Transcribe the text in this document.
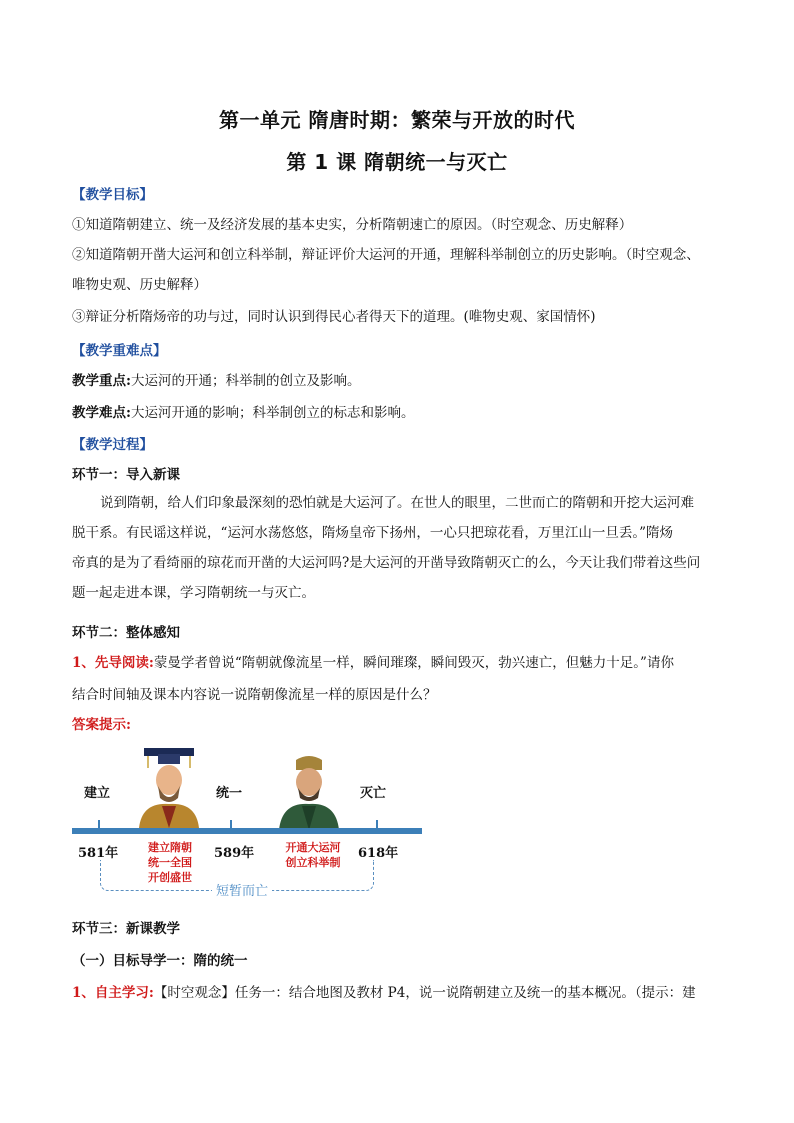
第一单元 隋唐时期：繁荣与开放的时代
第 1 课 隋朝统一与灭亡
【教学目标】
①知道隋朝建立、统一及经济发展的基本史实，分析隋朝速亡的原因。（时空观念、历史解释）
②知道隋朝开凿大运河和创立科举制，辩证评价大运河的开通，理解科举制创立的历史影响。（时空观念、
唯物史观、历史解释）
③辩证分析隋炀帝的功与过，同时认识到得民心者得天下的道理。(唯物史观、家国情怀)
【教学重难点】
教学重点:大运河的开通；科举制的创立及影响。
教学难点:大运河开通的影响；科举制创立的标志和影响。
【教学过程】
环节一：导入新课
说到隋朝，给人们印象最深刻的恐怕就是大运河了。在世人的眼里，二世而亡的隋朝和开挖大运河难
脱干系。有民谣这样说，“运河水荡悠悠，隋炀皇帝下扬州，一心只把琼花看，万里江山一旦丢。”隋炀
帝真的是为了看绮丽的琼花而开凿的大运河吗?是大运河的开凿导致隋朝灭亡的么，今天让我们带着这些问
题一起走进本课，学习隋朝统一与灭亡。
环节二：整体感知
1、先导阅读:蒙曼学者曾说“隋朝就像流星一样，瞬间璀璨，瞬间毁灭，勃兴速亡，但魅力十足。”请你
结合时间轴及课本内容说一说隋朝像流星一样的原因是什么？
答案提示:
建立	统一	灭亡
581年	589年	618年
建立隋朝
统一全国
开创盛世
开通大运河
创立科举制
短暂而亡
环节三：新课教学
（一）目标导学一：隋的统一
1、自主学习:【时空观念】任务一：结合地图及教材 P4，说一说隋朝建立及统一的基本概况。（提示：建
